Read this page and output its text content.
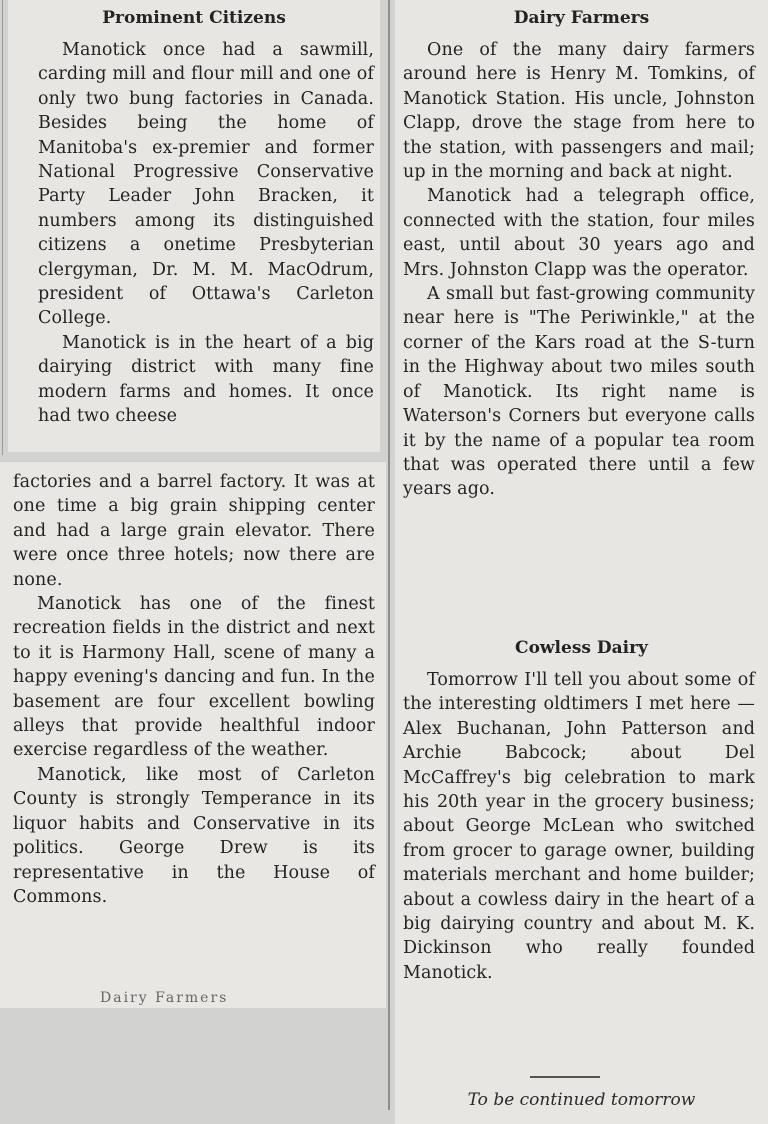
Prominent Citizens

Manotick once had a sawmill, carding mill and flour mill and one of only two bung factories in Canada. Besides being the home of Manitoba's ex-premier and former National Progressive Conservative Party Leader John Bracken, it numbers among its distinguished citizens a onetime Presbyterian clergyman, Dr. M. M. MacOdrum, president of Ottawa's Carleton College.

Manotick is in the heart of a big dairying district with many fine modern farms and homes. It once had two cheese

factories and a barrel factory. It was at one time a big grain shipping center and had a large grain elevator. There were once three hotels; now there are none.

Manotick has one of the finest recreation fields in the district and next to it is Harmony Hall, scene of many a happy evening's dancing and fun. In the basement are four excellent bowling alleys that provide healthful indoor exercise regardless of the weather.

Manotick, like most of Carleton County is strongly Temperance in its liquor habits and Conservative in its politics. George Drew is its representative in the House of Commons.

Dairy Farmers
Dairy Farmers

One of the many dairy farmers around here is Henry M. Tomkins, of Manotick Station. His uncle, Johnston Clapp, drove the stage from here to the station, with passengers and mail; up in the morning and back at night.

Manotick had a telegraph office, connected with the station, four miles east, until about 30 years ago and Mrs. Johnston Clapp was the operator.

A small but fast-growing community near here is "The Periwinkle," at the corner of the Kars road at the S-turn in the Highway about two miles south of Manotick. Its right name is Waterson's Corners but everyone calls it by the name of a popular tea room that was operated there until a few years ago.

Cowless Dairy

Tomorrow I'll tell you about some of the interesting oldtimers I met here — Alex Buchanan, John Patterson and Archie Babcock; about Del McCaffrey's big celebration to mark his 20th year in the grocery business; about George McLean who switched from grocer to garage owner, building materials merchant and home builder; about a cowless dairy in the heart of a big dairying country and about M. K. Dickinson who really founded Manotick.

To be continued tomorrow
